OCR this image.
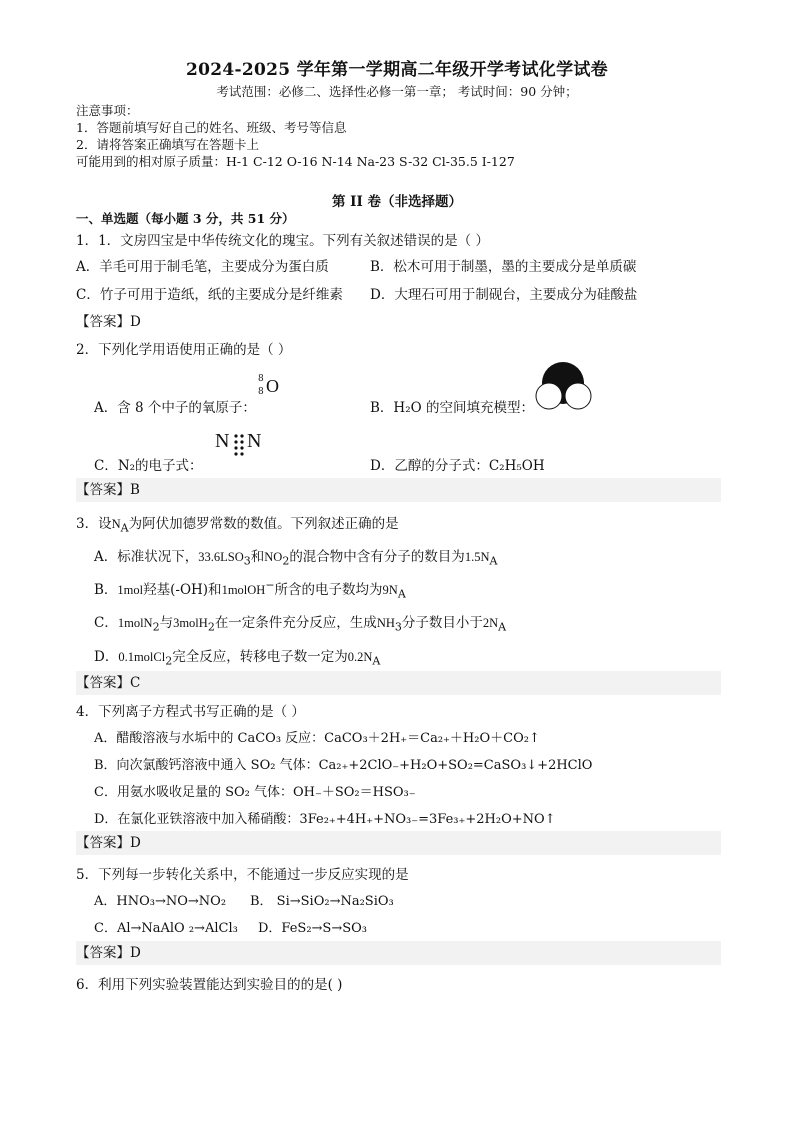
2024-2025 学年第一学期高二年级开学考试化学试卷
考试范围：必修二、选择性必修一第一章； 考试时间：90 分钟；
注意事项：
1．答题前填写好自己的姓名、班级、考号等信息
2．请将答案正确填写在答题卡上
可能用到的相对原子质量：H-1 C-12 O-16 N-14 Na-23 S-32 Cl-35.5 I-127
第 II 卷（非选择题）
一、单选题（每小题 3 分，共 51 分）
1．1．文房四宝是中华传统文化的瑰宝。下列有关叙述错误的是（ ）
A．羊毛可用于制毛笔，主要成分为蛋白质	B．松木可用于制墨，墨的主要成分是单质碳
C．竹子可用于造纸，纸的主要成分是纤维素 D．大理石可用于制砚台，主要成分为硅酸盐
【答案】D
2．下列化学用语使用正确的是（ ）
A．含 8 个中子的氧原子：
8
8 O
B．H₂O 的空间填充模型：
C．N₂的电子式：
N N
D．乙醇的分子式：C₂H₅OH
【答案】B
3．设$N_A$为阿伏加德罗常数的数值。下列叙述正确的是
A．标准状况下，$33.6LSO_3$和$NO_2$的混合物中含有分子的数目为$1.5N_A$
B．1mol羟基(-OH)和1molOH−所含的电子数均为$9N_A$
C．1molN$_2$与3molH$_2$在一定条件充分反应，生成$NH_3$分子数目小于$2N_A$
D．0.1molCl$_2$完全反应，转移电子数一定为$0.2N_A$
【答案】C
4．下列离子方程式书写正确的是（ ）
A．醋酸溶液与水垢中的 CaCO₃ 反应：CaCO₃＋2H₊＝Ca₂₊＋H₂O＋CO₂↑
B．向次氯酸钙溶液中通入 SO₂ 气体：Ca₂₊+2ClO₋+H₂O+SO₂=CaSO₃↓+2HClO
C．用氨水吸收足量的 SO₂ 气体：OH₋＋SO₂＝HSO₃₋
D．在氯化亚铁溶液中加入稀硝酸：3Fe₂₊+4H₊+NO₃₋=3Fe₃₊+2H₂O+NO↑
【答案】D
5．下列每一步转化关系中，不能通过一步反应实现的是
A．HNO₃→NO→NO₂ B． Si→SiO₂→Na₂SiO₃
C．Al→NaAlO ₂→AlCl₃ D．FeS₂→S→SO₃
【答案】D
6．利用下列实验装置能达到实验目的的是( )
